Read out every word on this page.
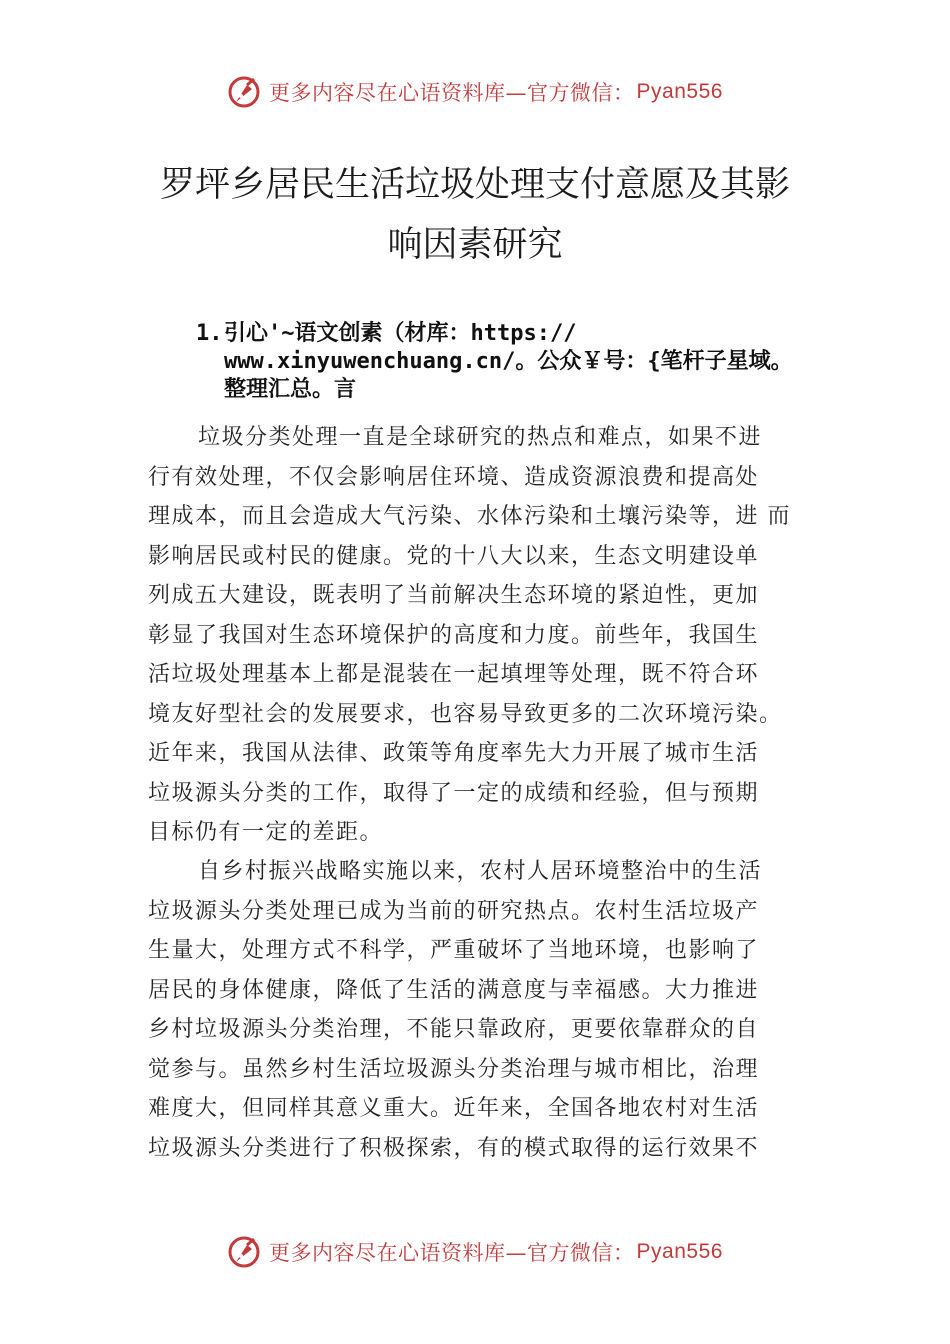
更多内容尽在心语资料库—官方微信： Pyan556
罗坪乡居民生活垃圾处理支付意愿及其影
响因素研究
1. 引心'~语文创素（材库：https://
www.xinyuwenchuang.cn/。公众￥号：{笔杆子星域。
整理汇总。言
垃圾分类处理一直是全球研究的热点和难点，如果不进
行有效处理，不仅会影响居住环境、造成资源浪费和提高处
理成本，而且会造成大气污染、水体污染和土壤污染等，进 而
影响居民或村民的健康。党的十八大以来，生态文明建设单
列成五大建设，既表明了当前解决生态环境的紧迫性，更加
彰显了我国对生态环境保护的高度和力度。前些年，我国生
活垃圾处理基本上都是混装在一起填埋等处理，既不符合环
境友好型社会的发展要求，也容易导致更多的二次环境污染。
近年来，我国从法律、政策等角度率先大力开展了城市生活
垃圾源头分类的工作，取得了一定的成绩和经验，但与预期
目标仍有一定的差距。
自乡村振兴战略实施以来，农村人居环境整治中的生活
垃圾源头分类处理已成为当前的研究热点。农村生活垃圾产
生量大，处理方式不科学，严重破坏了当地环境，也影响了
居民的身体健康，降低了生活的满意度与幸福感。大力推进
乡村垃圾源头分类治理，不能只靠政府，更要依靠群众的自
觉参与。虽然乡村生活垃圾源头分类治理与城市相比，治理
难度大，但同样其意义重大。近年来，全国各地农村对生活
垃圾源头分类进行了积极探索，有的模式取得的运行效果不
更多内容尽在心语资料库—官方微信： Pyan556
